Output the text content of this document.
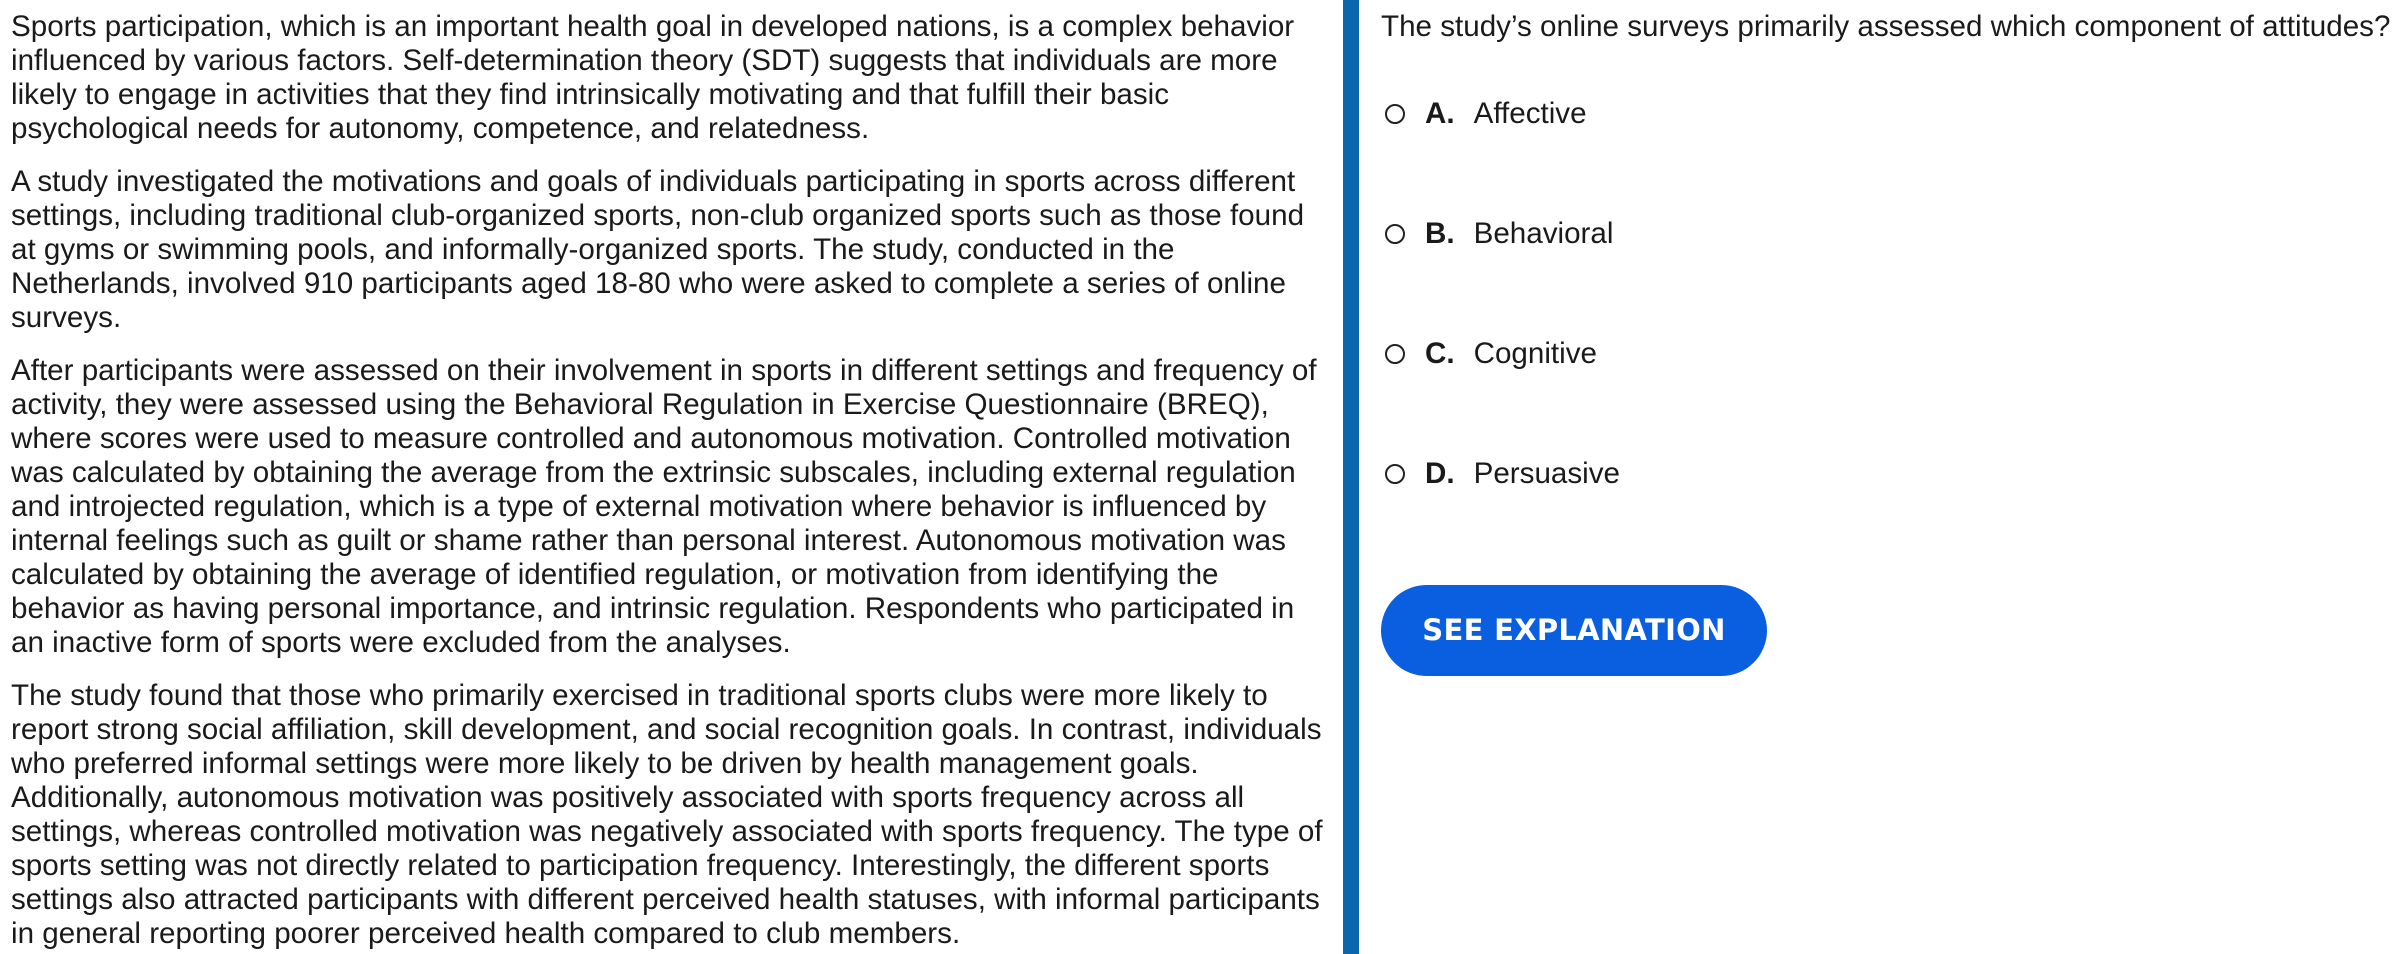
Sports participation, which is an important health goal in developed nations, is a complex behavior influenced by various factors. Self-determination theory (SDT) suggests that individuals are more likely to engage in activities that they find intrinsically motivating and that fulfill their basic psychological needs for autonomy, competence, and relatedness.

A study investigated the motivations and goals of individuals participating in sports across different settings, including traditional club-organized sports, non-club organized sports such as those found at gyms or swimming pools, and informally-organized sports. The study, conducted in the Netherlands, involved 910 participants aged 18-80 who were asked to complete a series of online surveys.

After participants were assessed on their involvement in sports in different settings and frequency of activity, they were assessed using the Behavioral Regulation in Exercise Questionnaire (BREQ), where scores were used to measure controlled and autonomous motivation. Controlled motivation was calculated by obtaining the average from the extrinsic subscales, including external regulation and introjected regulation, which is a type of external motivation where behavior is influenced by internal feelings such as guilt or shame rather than personal interest. Autonomous motivation was calculated by obtaining the average of identified regulation, or motivation from identifying the behavior as having personal importance, and intrinsic regulation. Respondents who participated in an inactive form of sports were excluded from the analyses.

The study found that those who primarily exercised in traditional sports clubs were more likely to report strong social affiliation, skill development, and social recognition goals. In contrast, individuals who preferred informal settings were more likely to be driven by health management goals. Additionally, autonomous motivation was positively associated with sports frequency across all settings, whereas controlled motivation was negatively associated with sports frequency. The type of sports setting was not directly related to participation frequency. Interestingly, the different sports settings also attracted participants with different perceived health statuses, with informal participants in general reporting poorer perceived health compared to club members.

The study’s online surveys primarily assessed which component of attitudes?
A. Affective
B. Behavioral
C. Cognitive
D. Persuasive
SEE EXPLANATION
